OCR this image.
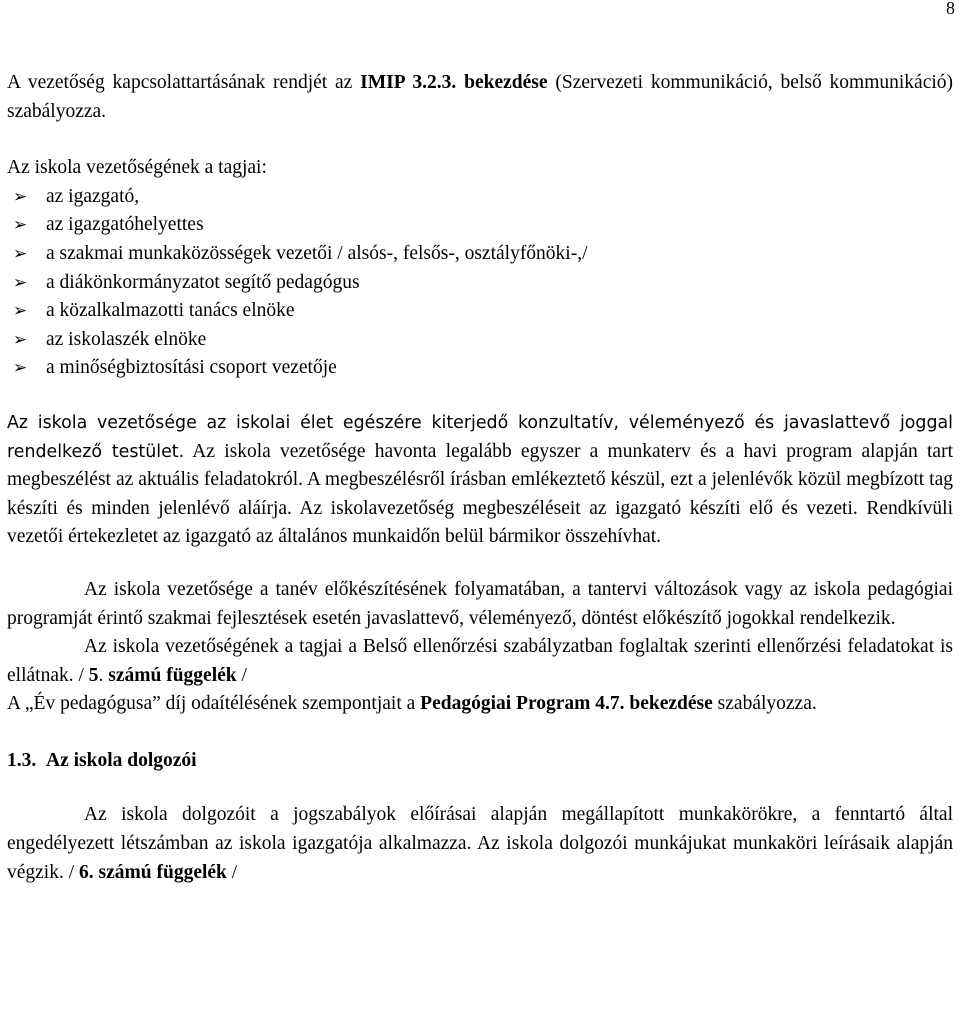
8

A vezetőség kapcsolattartásának rendjét az IMIP 3.2.3. bekezdése (Szervezeti kommunikáció, belső kommunikáció) szabályozza.

Az iskola vezetőségének a tagjai:

➢ az igazgató,
➢ az igazgatóhelyettes
➢ a szakmai munkaközösségek vezetői / alsós-, felsős-, osztályfőnöki-,/
➢ a diákönkormányzatot segítő pedagógus
➢ a közalkalmazotti tanács elnöke
➢ az iskolaszék elnöke
➢ a minőségbiztosítási csoport vezetője

Az iskola vezetősége az iskolai élet egészére kiterjedő konzultatív, véleményező és javaslattevő joggal rendelkező testület. Az iskola vezetősége havonta legalább egyszer a munkaterv és a havi program alapján tart megbeszélést az aktuális feladatokról. A megbeszélésről írásban emlékeztető készül, ezt a jelenlévők közül megbízott tag készíti és minden jelenlévő aláírja. Az iskolavezetőség megbeszéléseit az igazgató készíti elő és vezeti. Rendkívüli vezetői értekezletet az igazgató az általános munkaidőn belül bármikor összehívhat.

Az iskola vezetősége a tanév előkészítésének folyamatában, a tantervi változások vagy az iskola pedagógiai programját érintő szakmai fejlesztések esetén javaslattevő, véleményező, döntést előkészítő jogokkal rendelkezik.

Az iskola vezetőségének a tagjai a Belső ellenőrzési szabályzatban foglaltak szerinti ellenőrzési feladatokat is ellátnak. / 5. számú függelék /

A „Év pedagógusa” díj odaítélésének szempontjait a Pedagógiai Program 4.7. bekezdése szabályozza.

1.3. Az iskola dolgozói

Az iskola dolgozóit a jogszabályok előírásai alapján megállapított munkakörökre, a fenntartó által engedélyezett létszámban az iskola igazgatója alkalmazza. Az iskola dolgozói munkájukat munkaköri leírásaik alapján végzik. / 6. számú függelék /
